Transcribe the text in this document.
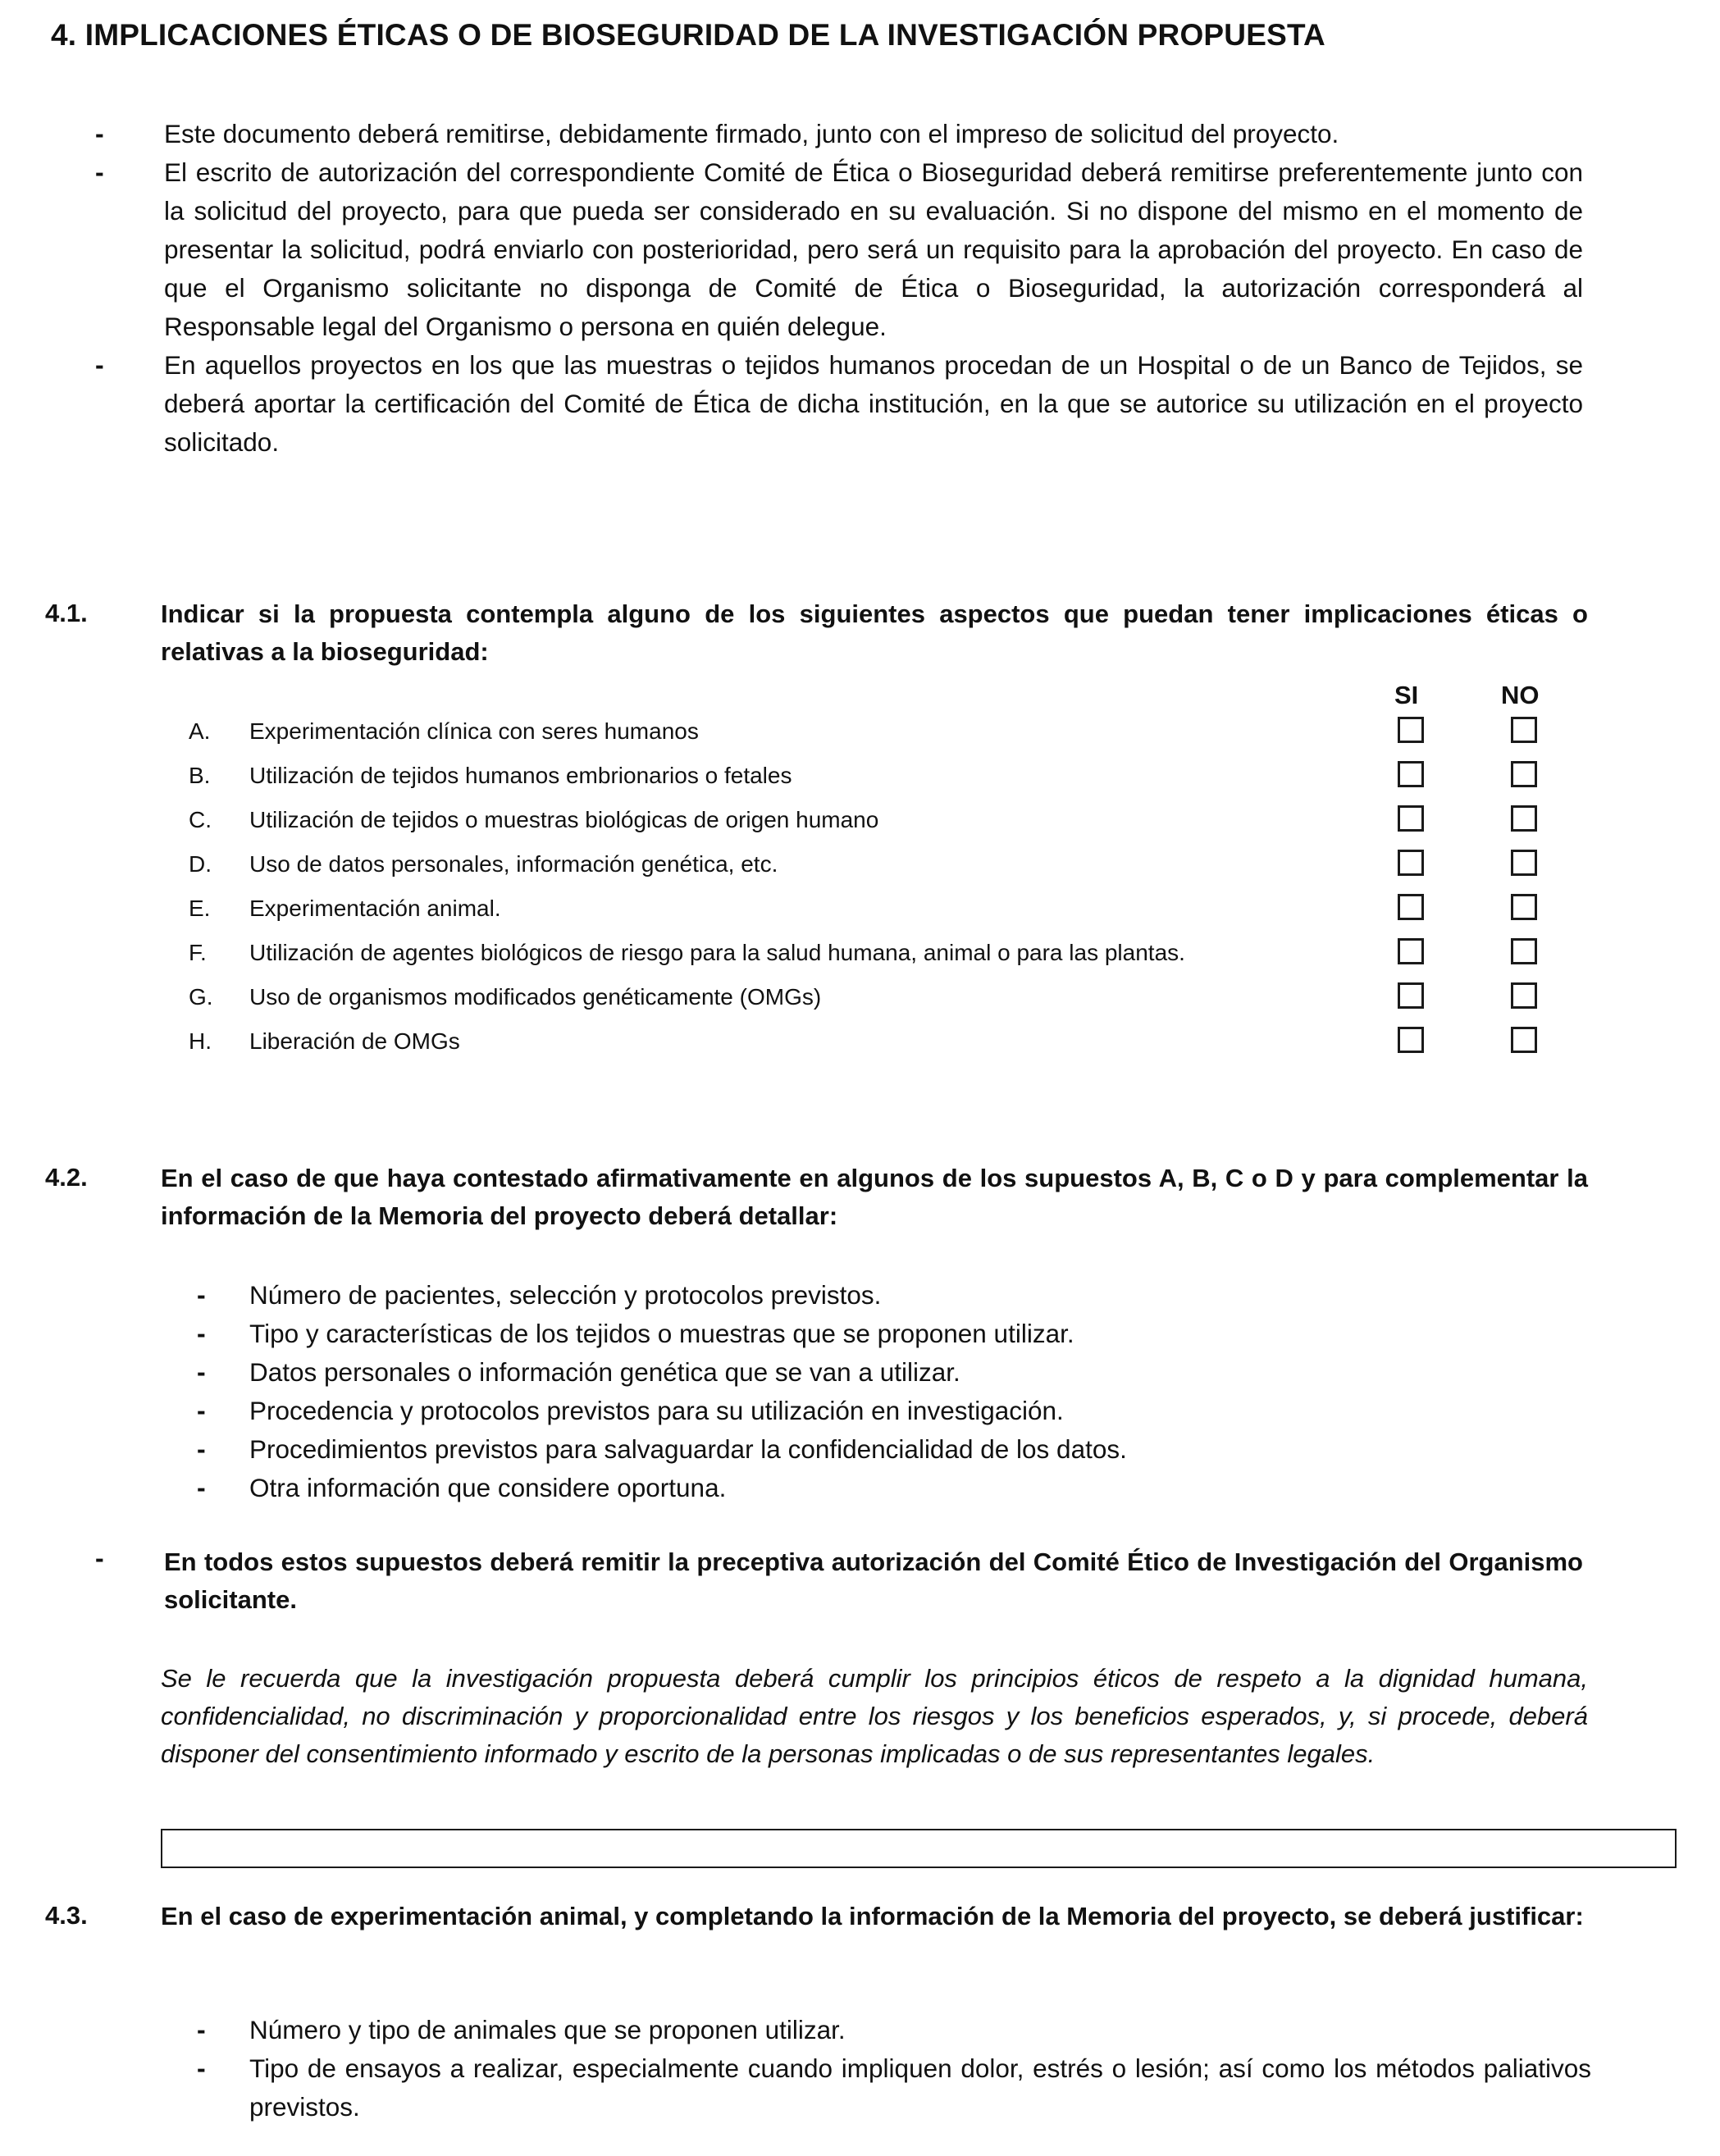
4. IMPLICACIONES ÉTICAS O DE BIOSEGURIDAD DE LA INVESTIGACIÓN PROPUESTA
- Este documento deberá remitirse, debidamente firmado, junto con el impreso de solicitud del proyecto.
- El escrito de autorización del correspondiente Comité de Ética o Bioseguridad deberá remitirse preferentemente junto con la solicitud del proyecto, para que pueda ser considerado en su evaluación. Si no dispone del mismo en el momento de presentar la solicitud, podrá enviarlo con posterioridad, pero será un requisito para la aprobación del proyecto. En caso de que el Organismo solicitante no disponga de Comité de Ética o Bioseguridad, la autorización corresponderá al Responsable legal del Organismo o persona en quién delegue.
- En aquellos proyectos en los que las muestras o tejidos humanos procedan de un Hospital o de un Banco de Tejidos, se deberá aportar la certificación del Comité de Ética de dicha institución, en la que se autorice su utilización en el proyecto solicitado.
4.1.	Indicar si la propuesta contempla alguno de los siguientes aspectos que puedan tener implicaciones éticas o relativas a la bioseguridad:
SI	NO
A. Experimentación clínica con seres humanos
B. Utilización de tejidos humanos embrionarios o fetales
C. Utilización de tejidos o muestras biológicas de origen humano
D. Uso de datos personales, información genética, etc.
E. Experimentación animal.
F. Utilización de agentes biológicos de riesgo para la salud humana, animal o para las plantas.
G. Uso de organismos modificados genéticamente (OMGs)
H. Liberación de OMGs
4.2.	En el caso de que haya contestado afirmativamente en algunos de los supuestos A, B, C o D y para complementar la información de la Memoria del proyecto deberá detallar:
- Número de pacientes, selección y protocolos previstos.
- Tipo y características de los tejidos o muestras que se proponen utilizar.
- Datos personales o información genética que se van a utilizar.
- Procedencia y protocolos previstos para su utilización en investigación.
- Procedimientos previstos para salvaguardar la confidencialidad de los datos.
- Otra información que considere oportuna.
- En todos estos supuestos deberá remitir la preceptiva autorización del Comité Ético de Investigación del Organismo solicitante.
Se le recuerda que la investigación propuesta deberá cumplir los principios éticos de respeto a la dignidad humana, confidencialidad, no discriminación y proporcionalidad entre los riesgos y los beneficios esperados, y, si procede, deberá disponer del consentimiento informado y escrito de la personas implicadas o de sus representantes legales.
4.3.	En el caso de experimentación animal, y completando la información de la Memoria del proyecto, se deberá justificar:
- Número y tipo de animales que se proponen utilizar.
- Tipo de ensayos a realizar, especialmente cuando impliquen dolor, estrés o lesión; así como los métodos paliativos previstos.
